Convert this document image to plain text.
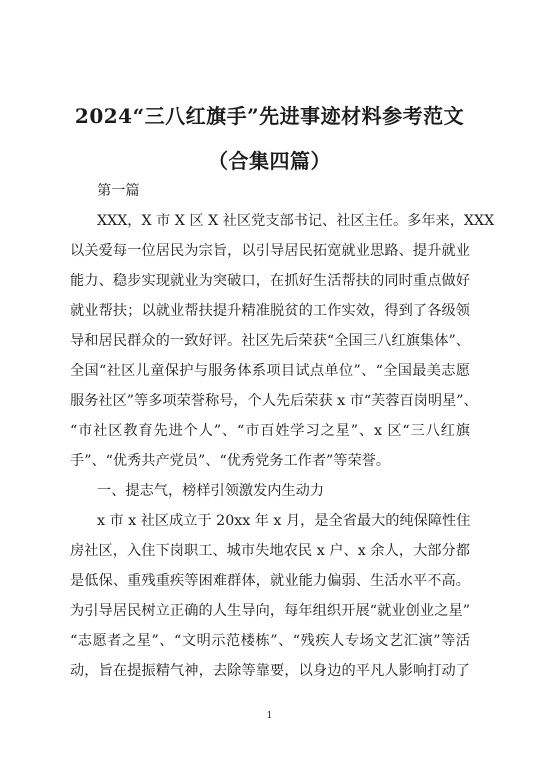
2024“三八红旗手”先进事迹材料参考范文
（合集四篇）
第一篇
XXX，X 市 X 区 X 社区党支部书记、社区主任。多年来，XXX
以关爱每一位居民为宗旨，以引导居民拓宽就业思路、提升就业
能力、稳步实现就业为突破口，在抓好生活帮扶的同时重点做好
就业帮扶；以就业帮扶提升精准脱贫的工作实效，得到了各级领
导和居民群众的一致好评。社区先后荣获“全国三八红旗集体”、
全国“社区儿童保护与服务体系项目试点单位”、“全国最美志愿
服务社区”等多项荣誉称号，个人先后荣获 x 市“芙蓉百岗明星”、
“市社区教育先进个人”、“市百姓学习之星”、x 区“三八红旗
手”、“优秀共产党员”、“优秀党务工作者”等荣誉。
一、提志气，榜样引领激发内生动力
x 市 x 社区成立于 20xx 年 x 月，是全省最大的纯保障性住
房社区，入住下岗职工、城市失地农民 x 户、x 余人，大部分都
是低保、重残重疾等困难群体，就业能力偏弱、生活水平不高。
为引导居民树立正确的人生导向，每年组织开展“就业创业之星”
“志愿者之星”、“文明示范楼栋”、“残疾人专场文艺汇演”等活
动，旨在提振精气神，去除等靠要，以身边的平凡人影响打动了
1
